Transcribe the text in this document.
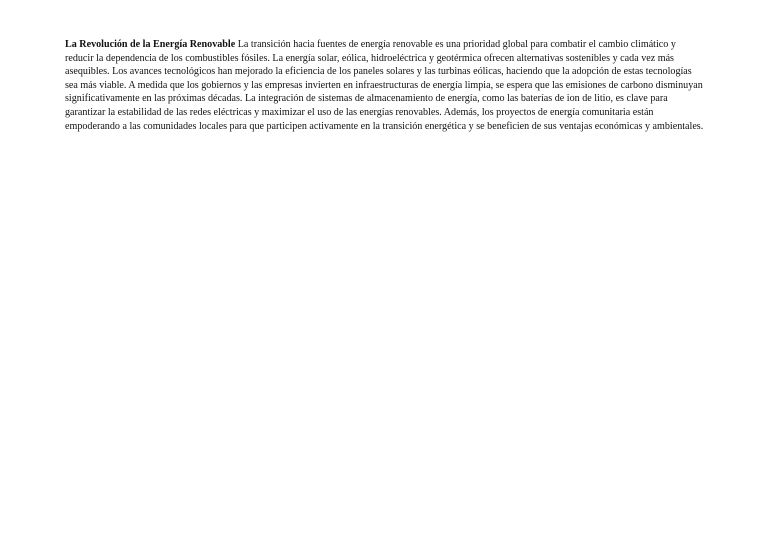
La Revolución de la Energía Renovable La transición hacia fuentes de energía renovable es una prioridad global para combatir el cambio climático y reducir la dependencia de los combustibles fósiles. La energía solar, eólica, hidroeléctrica y geotérmica ofrecen alternativas sostenibles y cada vez más asequibles. Los avances tecnológicos han mejorado la eficiencia de los paneles solares y las turbinas eólicas, haciendo que la adopción de estas tecnologías sea más viable. A medida que los gobiernos y las empresas invierten en infraestructuras de energía limpia, se espera que las emisiones de carbono disminuyan significativamente en las próximas décadas. La integración de sistemas de almacenamiento de energía, como las baterías de ion de litio, es clave para garantizar la estabilidad de las redes eléctricas y maximizar el uso de las energías renovables. Además, los proyectos de energía comunitaria están empoderando a las comunidades locales para que participen activamente en la transición energética y se beneficien de sus ventajas económicas y ambientales.
